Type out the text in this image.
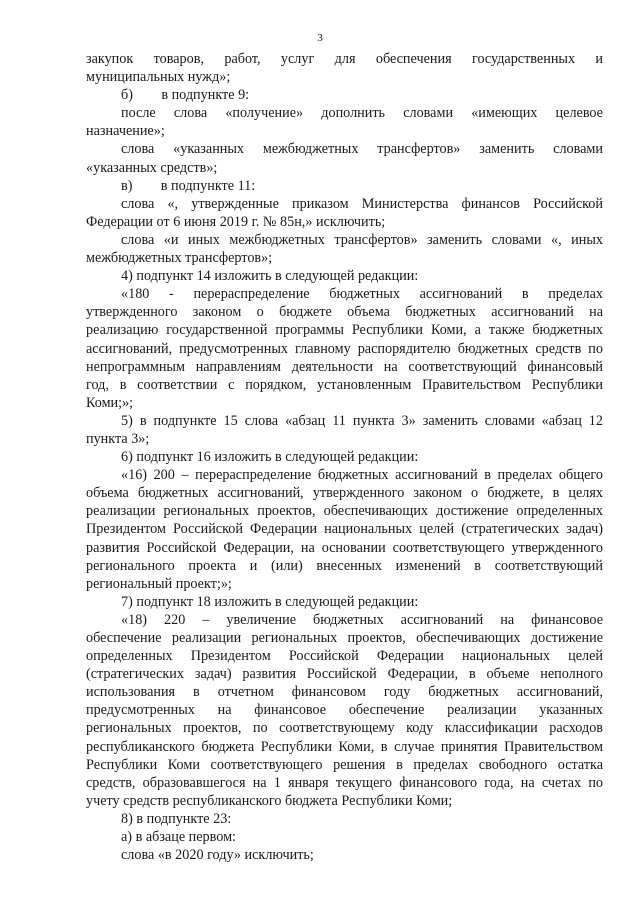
3
закупок товаров, работ, услуг для обеспечения государственных и
муниципальных нужд»;
б)        в подпункте 9:
после слова «получение» дополнить словами «имеющих целевое
назначение»;
слова «указанных межбюджетных трансфертов» заменить словами
«указанных средств»;
в)        в подпункте 11:
слова «, утвержденные приказом Министерства финансов Российской
Федерации от 6 июня 2019 г. № 85н,» исключить;
слова «и иных межбюджетных трансфертов» заменить словами «, иных
межбюджетных трансфертов»;
4) подпункт 14 изложить в следующей редакции:
«180 - перераспределение бюджетных ассигнований в пределах
утвержденного законом о бюджете объема бюджетных ассигнований на
реализацию государственной программы Республики Коми, а также бюджетных
ассигнований, предусмотренных главному распорядителю бюджетных средств по
непрограммным направлениям деятельности на соответствующий финансовый
год, в соответствии с порядком, установленным Правительством Республики
Коми;»;
5) в подпункте 15 слова «абзац 11 пункта 3» заменить словами «абзац 12
пункта 3»;
6) подпункт 16 изложить в следующей редакции:
«16) 200 – перераспределение бюджетных ассигнований в пределах общего
объема бюджетных ассигнований, утвержденного законом о бюджете, в целях
реализации региональных проектов, обеспечивающих достижение определенных
Президентом Российской Федерации национальных целей (стратегических задач)
развития Российской Федерации, на основании соответствующего утвержденного
регионального проекта и (или) внесенных изменений в соответствующий
региональный проект;»;
7) подпункт 18 изложить в следующей редакции:
«18) 220 – увеличение бюджетных ассигнований на финансовое
обеспечение реализации региональных проектов, обеспечивающих достижение
определенных Президентом Российской Федерации национальных целей
(стратегических задач) развития Российской Федерации, в объеме неполного
использования в отчетном финансовом году бюджетных ассигнований,
предусмотренных на финансовое обеспечение реализации указанных
региональных проектов, по соответствующему коду классификации расходов
республиканского бюджета Республики Коми, в случае принятия Правительством
Республики Коми соответствующего решения в пределах свободного остатка
средств, образовавшегося на 1 января текущего финансового года, на счетах по
учету средств республиканского бюджета Республики Коми;
8) в подпункте 23:
а) в абзаце первом:
слова «в 2020 году» исключить;
